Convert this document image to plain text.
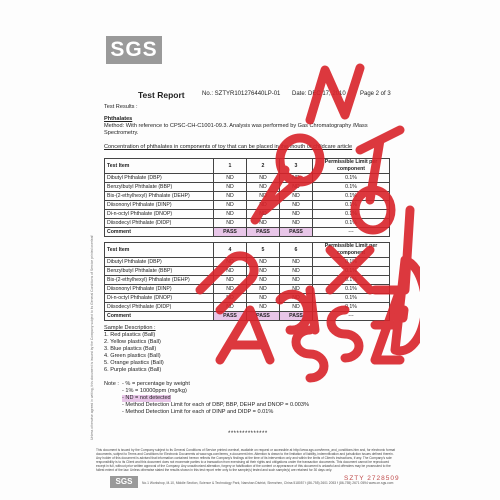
SGS
Test Report	No.: SZTYR101276440LP-01 Date: DEC 17, 2010 Page 2 of 3
Test Results :
Phthalates
Method: With reference to CPSC-CH-C1001-09.3. Analysis was performed by Gas Chromatography /Mass
Spectrometry.
Concentration of phthalates in components of toy that can be placed in the mouth or childcare article
Test Item	1	2	3	Permissible Limit per component
Dibutyl Phthalate (DBP)	ND	ND	ND	0.1%
Benzylbutyl Phthalate (BBP)	ND	ND	ND	0.1%
Bis-(2-ethylhexyl) Phthalate (DEHP)	ND	ND	ND	0.1%
Diisononyl Phthalate (DINP)	ND	ND	ND	0.1%
Di-n-octyl Phthalate (DNOP)	ND	ND	ND	0.1%
Diisodecyl Phthalate (DIDP)	ND	ND	ND	0.1%
Comment	PASS	PASS	PASS	---
Test Item	4	5	6	Permissible Limit per component
Dibutyl Phthalate (DBP)	ND	ND	ND	0.1%
Benzylbutyl Phthalate (BBP)	ND	ND	ND	0.1%
Bis-(2-ethylhexyl) Phthalate (DEHP)	ND	ND	ND	0.1%
Diisononyl Phthalate (DINP)	ND	ND	ND	0.1%
Di-n-octyl Phthalate (DNOP)	ND	ND	ND	0.1%
Diisodecyl Phthalate (DIDP)	ND	ND	ND	0.1%
Comment	PASS	PASS	PASS	---
Sample Description :
1. Red plastics (Ball)
2. Yellow plastics (Ball)
3. Blue plastics (Ball)
4. Green plastics (Ball)
5. Orange plastics (Ball)
6. Purple plastics (Ball)
Note : - % = percentage by weight
- 1% = 10000ppm (mg/kg)
- ND = not detected
- Method Detection Limit for each of DBP, BBP, DEHP and DNOP = 0.003%
- Method Detection Limit for each of DINP and DIDP = 0.01%
**************
Unless otherwise agreed in writing, this document is issued by the Company subject to its General Conditions of Service printed overleaf
This document is issued by the Company subject to its General Conditions of Service printed overleaf, available on request or accessible at http://www.sgs.com/terms_and_conditions.htm and, for electronic format documents, subject to Terms and Conditions for Electronic Documents at www.sgs.com/terms_e-document.htm. Attention is drawn to the limitation of liability, indemnification and jurisdiction issues defined therein. Any holder of this document is advised that information contained hereon reflects the Company's findings at the time of its intervention only and within the limits of Client's instructions, if any. The Company's sole responsibility is to its Client and this document does not exonerate parties to a transaction from exercising all their rights and obligations under the transaction documents. This document cannot be reproduced except in full, without prior written approval of the Company. Any unauthorized alteration, forgery or falsification of the content or appearance of this document is unlawful and offenders may be prosecuted to the fullest extent of the law. Unless otherwise stated the results shown in this test report refer only to the sample(s) tested and such sample(s) are retained for 30 days only.
SGS	No.1 Workshop, M-10, Middle Section, Science & Technology Park, Nanshan District, Shenzhen, China 518057 t (86-755) 2601 2053 f (86-755) 2671 0594 www.cn.sgs.com
SZTY 2728509
